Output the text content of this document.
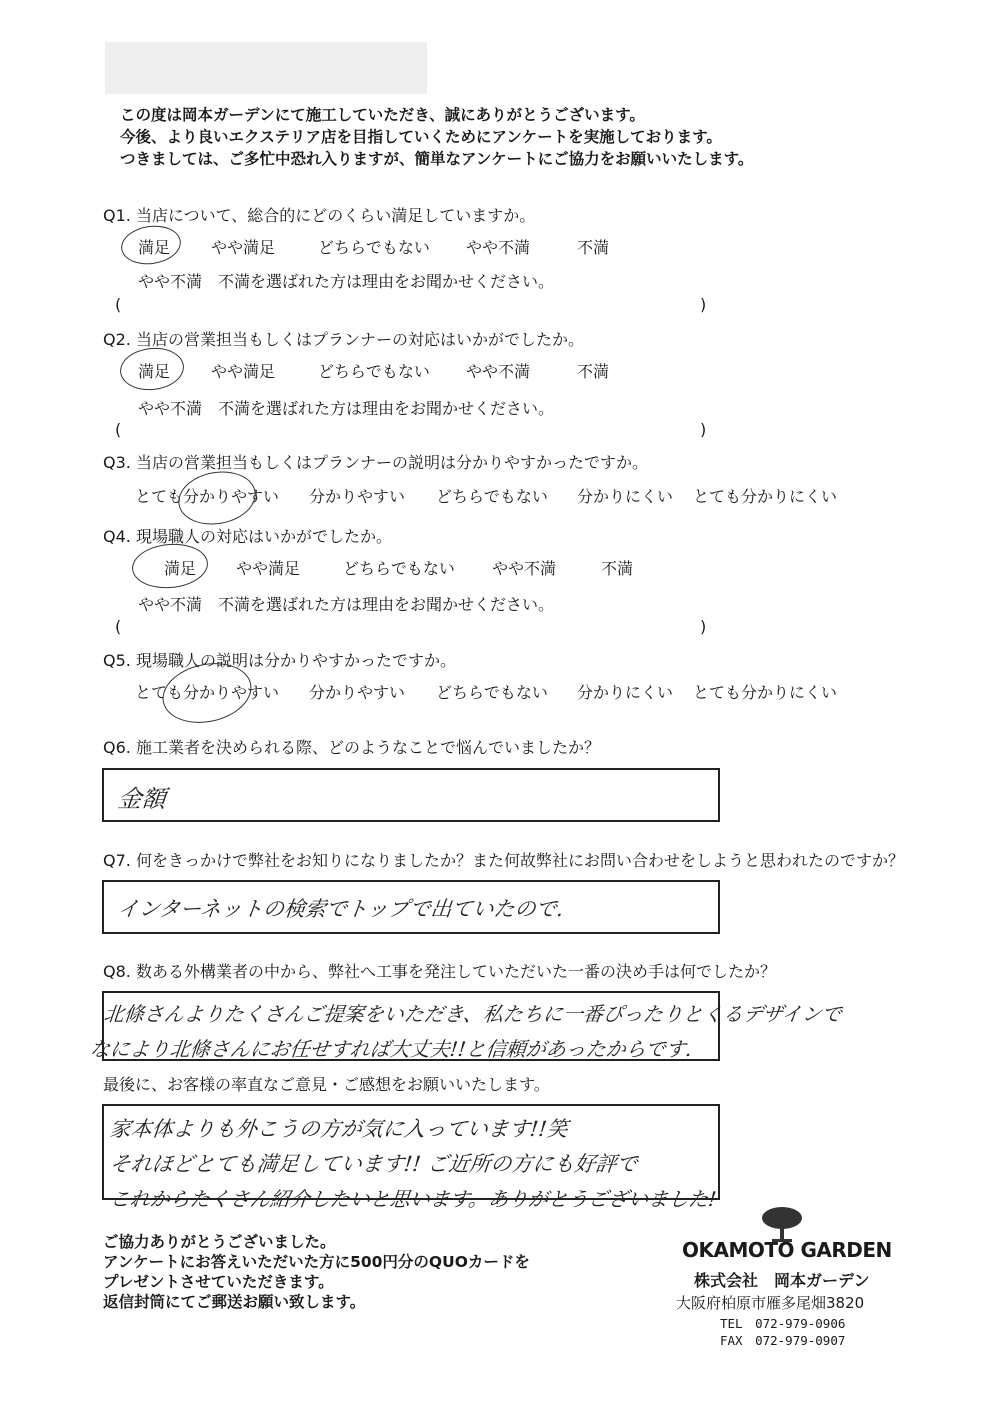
この度は岡本ガーデンにて施工していただき、誠にありがとうございます。
今後、より良いエクステリア店を目指していくためにアンケートを実施しております。
つきましては、ご多忙中恐れ入りますが、簡単なアンケートにご協力をお願いいたします。
Q1. 当店について、総合的にどのくらい満足していますか。
満足	やや満足	どちらでもない やや不満	不満
やや不満　不満を選ばれた方は理由をお聞かせください。
(	)
Q2. 当店の営業担当もしくはプランナーの対応はいかがでしたか。
満足	やや満足	どちらでもない やや不満	不満
やや不満　不満を選ばれた方は理由をお聞かせください。
(	)
Q3. 当店の営業担当もしくはプランナーの説明は分かりやすかったですか。
とても分かりやすい 分かりやすい どちらでもない 分かりにくい とても分かりにくい
Q4. 現場職人の対応はいかがでしたか。
満足 やや満足	どちらでもない やや不満	不満
やや不満　不満を選ばれた方は理由をお聞かせください。
(	)
Q5. 現場職人の説明は分かりやすかったですか。
とても分かりやすい 分かりやすい どちらでもない 分かりにくい とても分かりにくい
Q6. 施工業者を決められる際、どのようなことで悩んでいましたか？
金額
Q7. 何をきっかけで弊社をお知りになりましたか？また何故弊社にお問い合わせをしようと思われたのですか？
インターネットの検索でトップで出ていたので.
Q8. 数ある外構業者の中から、弊社へ工事を発注していただいた一番の決め手は何でしたか？
北條さんよりたくさんご提案をいただき、私たちに一番ぴったりとくるデザインで
なにより北條さんにお任せすれば大丈夫!!と信頼があったからです.
最後に、お客様の率直なご意見・ご感想をお願いいたします。
家本体よりも外こうの方が気に入っています!!笑
それほどとても満足しています!! ご近所の方にも好評で
これからたくさん紹介したいと思います。ありがとうございました!
ご協力ありがとうございました。
アンケートにお答えいただいた方に500円分のQUOカードを
プレゼントさせていただきます。
返信封筒にてご郵送お願い致します。
OKAMOTO GARDEN
株式会社　岡本ガーデン
大阪府柏原市雁多尾畑3820
TEL　072-979-0906
FAX　072-979-0907
